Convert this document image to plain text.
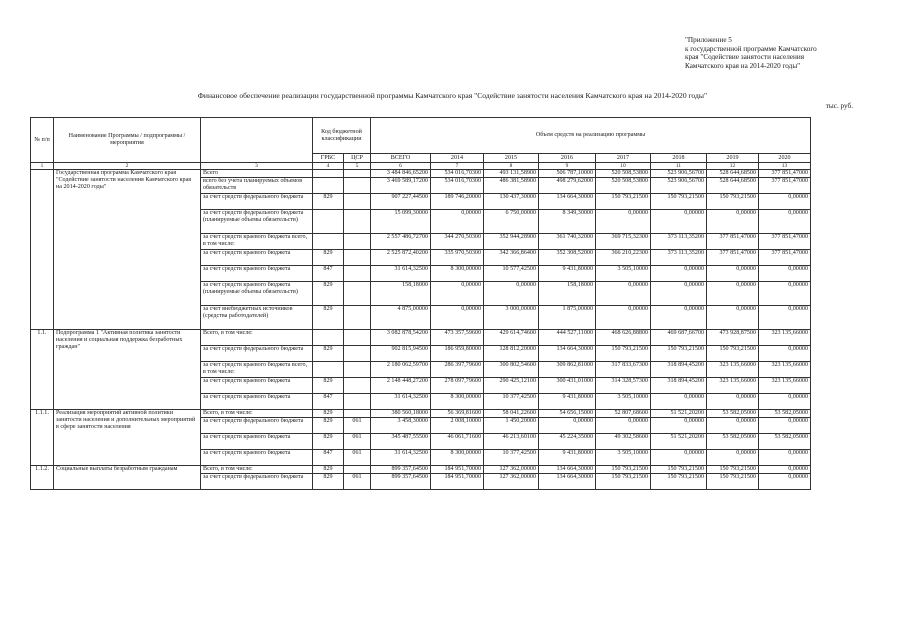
"Приложение 5
к государственной программе Камчатского
края "Содействие занятости населения
Камчатского края на 2014-2020 годы"
Финансовое обеспечение реализации государственной программы Камчатского края "Содействие занятости населения Камчатского края на 2014-2020 годы"
тыс. руб.
№ п/п	Наименование Программы / подпрограммы / мероприятия		Код бюджетной классификации		Объем средств на реализацию программы							
			ГРБС	ЦСР	ВСЕГО	2014	2015	2016	2017	2018	2019	2020
1	2	3	4	5	6	7	8	9	10	11	12	13
	Государственная программа Камчатского края "Содействие занятости населения Камчатского края на 2014-2020 годы"	Всего			3 484 846,65200	534 016,70300	493 131,58900	506 787,10000	520 508,53800	523 906,56700	528 644,68500	377 851,47000
		всего без учета планируемых объемов обязательств			3 469 589,17200	534 016,70300	486 381,58900	498 279,62000	520 508,53800	523 906,56700	528 644,68500	377 851,47000
		за счет средств федерального бюджета	829		907 227,44500	189 746,20000	130 437,30000	134 664,30000	150 793,21500	150 793,21500	150 793,21500	0,00000
		за счет средств федерального бюджета (планируемые объемы обязательств)			15 099,30000	0,00000	6 750,00000	8 349,30000	0,00000	0,00000	0,00000	0,00000
		за счет средств краевого бюджета всего, в том числе:			2 557 486,72700	344 270,50300	352 944,28900	361 740,32000	369 715,32300	373 113,35200	377 851,47000	377 851,47000
		за счет средств краевого бюджета	829		2 525 872,40200	335 970,50300	342 366,86400	352 308,52000	366 210,22300	373 113,35200	377 851,47000	377 851,47000
		за счет средств краевого бюджета	847		31 614,32500	8 300,00000	10 577,42500	9 431,80000	3 505,10000	0,00000	0,00000	0,00000
		за счет средств краевого бюджета (планируемые объемы обязательств)	829		158,18000	0,00000	0,00000	158,18000	0,00000	0,00000	0,00000	0,00000
		за счет внебюджетных источников (средства работодателей)	829		4 875,00000	0,00000	3 000,00000	1 875,00000	0,00000	0,00000	0,00000	0,00000
1.1.	Подпрограмма 1 "Активная политика занятости населения и социальная поддержка безработных граждан"	Всего, в том числе:			3 082 878,54200	473 357,59600	429 614,74600	444 527,11000	468 626,88800	469 687,66700	473 928,87500	323 135,66000
		за счет средств федерального бюджета	829		902 815,94500	186 959,80000	128 812,20000	134 664,30000	150 793,21500	150 793,21500	150 793,21500	0,00000
		за счет средств краевого бюджета всего, в том числе:			2 180 062,59700	286 397,79600	300 802,54600	309 862,81000	317 833,67300	318 894,45200	323 135,66000	323 135,66000
		за счет средств краевого бюджета	829		2 148 448,27200	278 097,79600	290 425,12100	300 431,01000	314 328,57300	318 894,45200	323 135,66000	323 135,66000
		за счет средств краевого бюджета	847		31 614,32500	8 300,00000	10 377,42500	9 431,80000	3 505,10000	0,00000	0,00000	0,00000
1.1.1.	Реализация мероприятий активной политики занятости населения и дополнительных мероприятий в сфере занятости населения	Всего, в том числе:	829		380 560,18000	56 369,81600	58 041,22600	54 656,15000	52 807,68600	51 521,20200	53 582,05000	53 582,05000
		за счет средств федерального бюджета	829	061	3 458,30000	2 008,10000	1 450,20000	0,00000	0,00000	0,00000	0,00000	0,00000
		за счет средств краевого бюджета	829	061	345 487,55500	46 061,71600	46 213,60100	45 224,35000	49 302,58600	51 521,20200	53 582,05000	53 582,05000
		за счет средств краевого бюджета	847	061	31 614,32500	8 300,00000	10 377,42500	9 431,80000	3 505,10000	0,00000	0,00000	0,00000
1.1.2.	Социальные выплаты безработным гражданам	Всего, в том числе:	829		899 357,64500	184 951,70000	127 362,00000	134 664,30000	150 793,21500	150 793,21500	150 793,21500	0,00000
		за счет средств федерального бюджета	829	061	899 357,64500	184 951,70000	127 362,00000	134 664,30000	150 793,21500	150 793,21500	150 793,21500	0,00000
